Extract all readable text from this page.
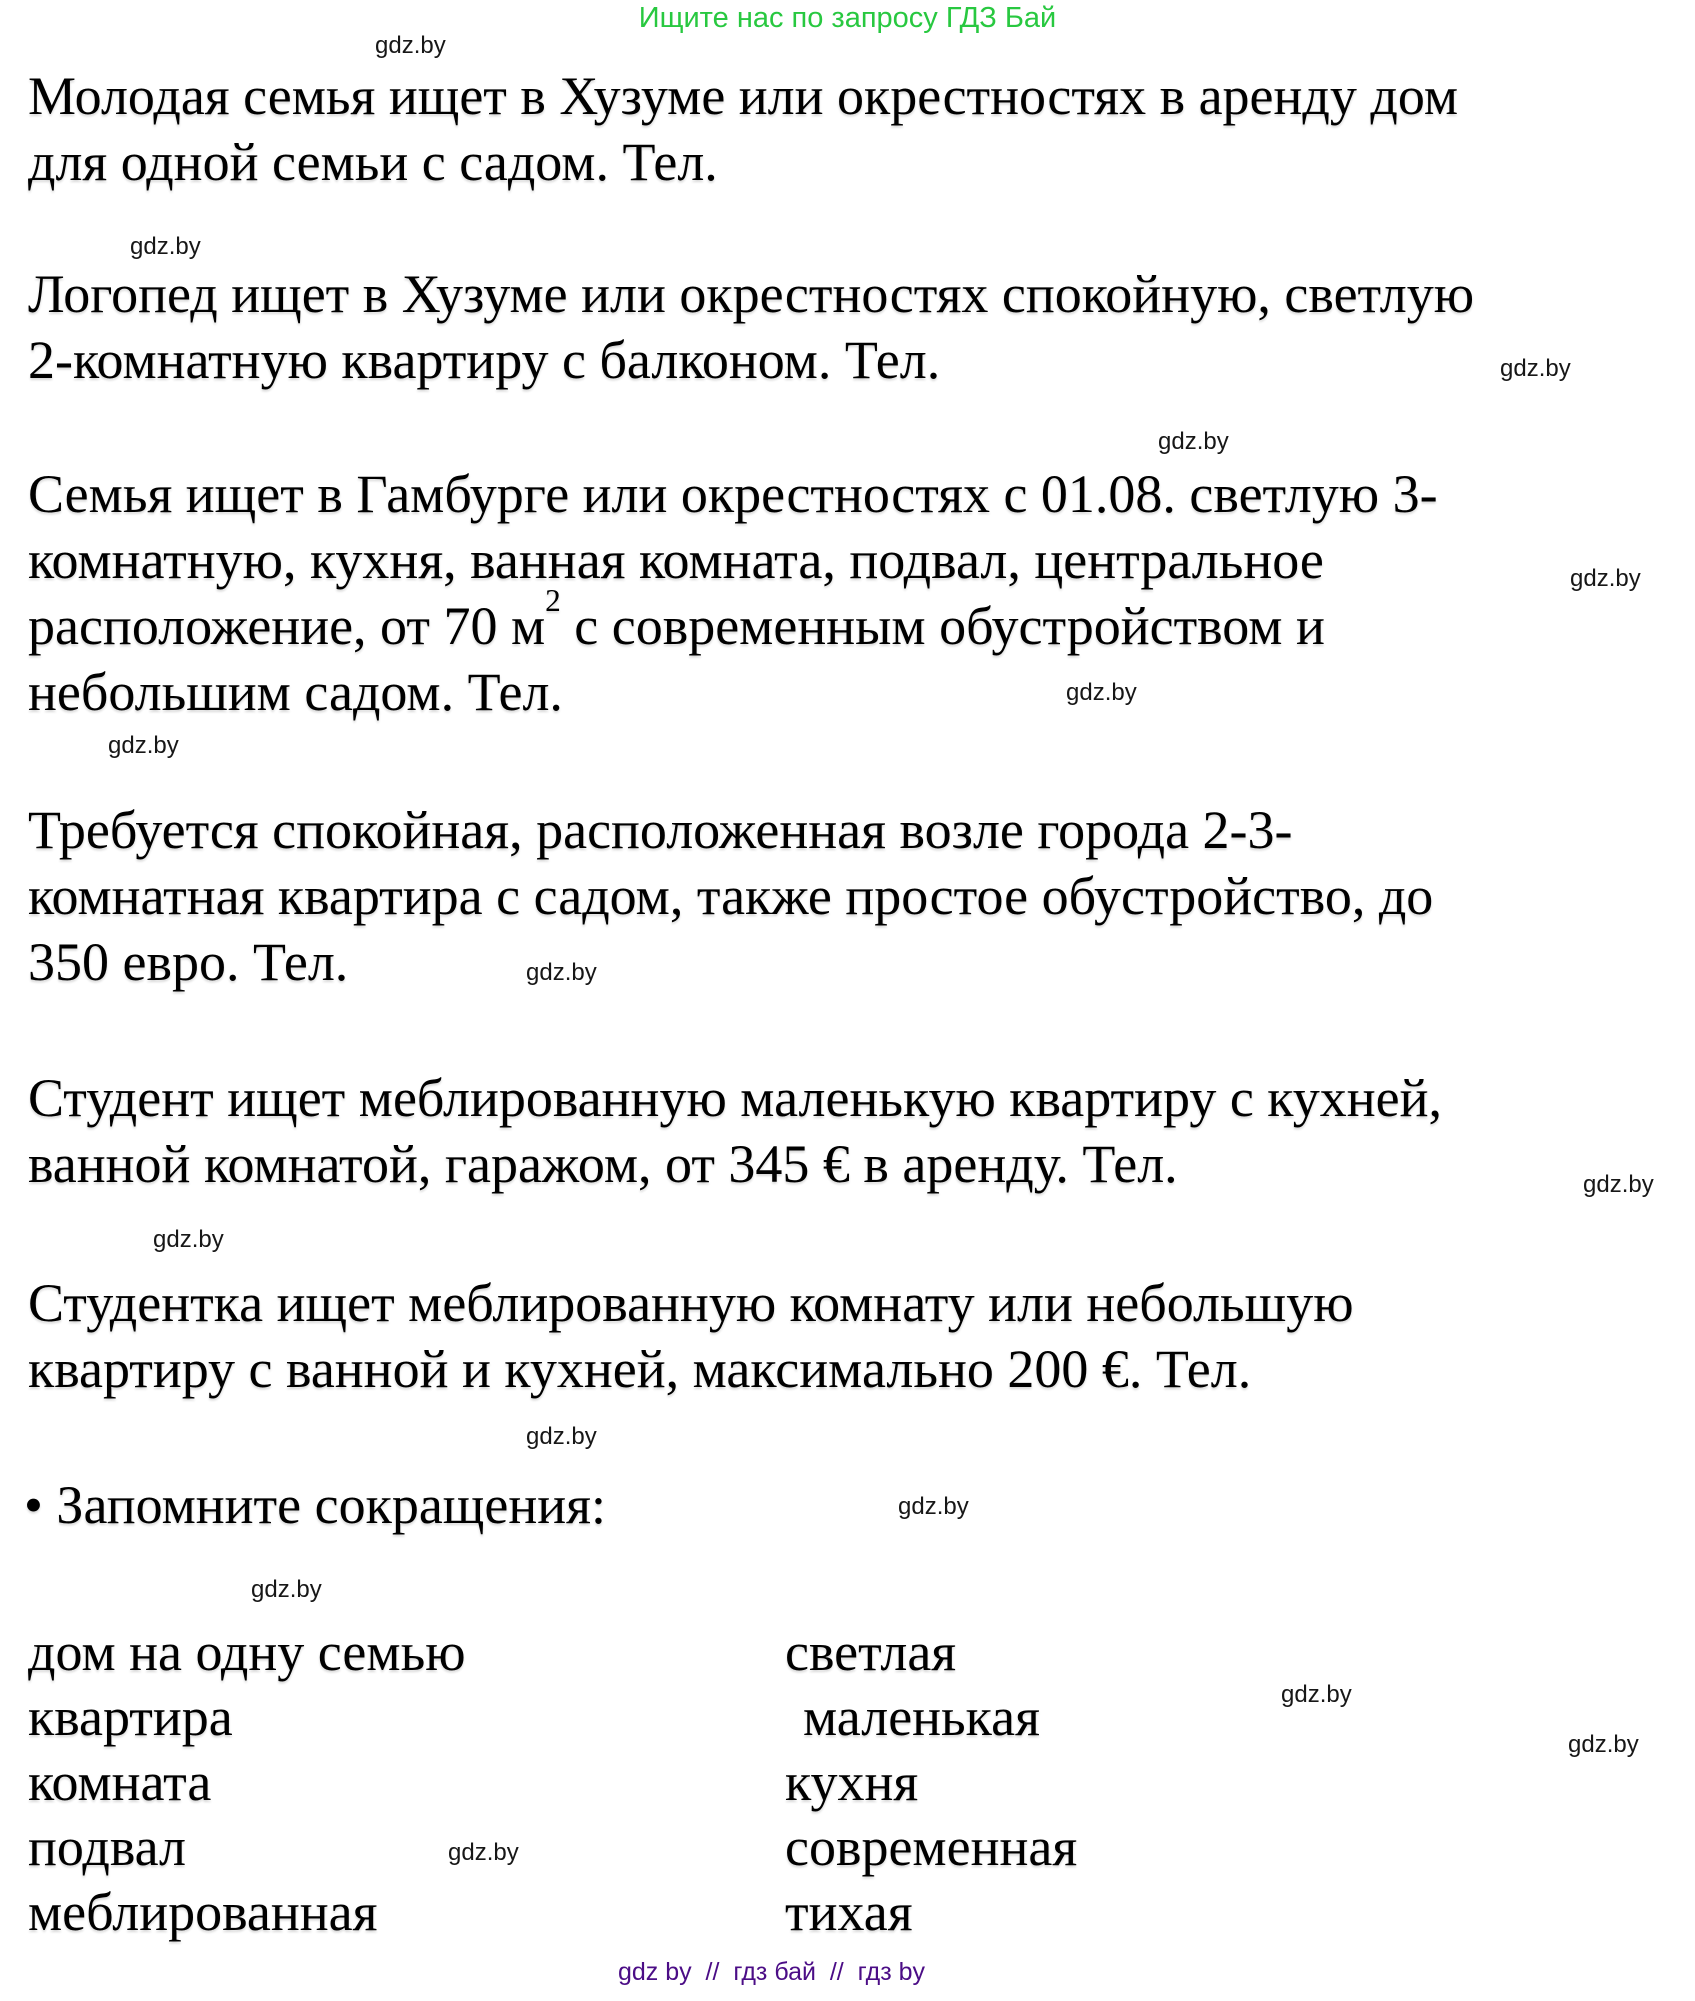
Ищите нас по запросу ГДЗ Бай
gdz.by
gdz.by
gdz.by
gdz.by
gdz.by
gdz.by
gdz.by
gdz.by
gdz.by
gdz.by
gdz.by
gdz.by
gdz.by
gdz.by
gdz.by
gdz.by
Молодая семья ищет в Хузуме или окрестностях в аренду дом
для одной семьи с садом. Тел.
Логопед ищет в Хузуме или окрестностях спокойную, светлую
2-комнатную квартиру с балконом. Тел.
Семья ищет в Гамбурге или окрестностях с 01.08. светлую 3-
комнатную, кухня, ванная комната, подвал, центральное
расположение, от 70 $м^2$ с современным обустройством и
небольшим садом. Тел.
Требуется спокойная, расположенная возле города 2-3-
комнатная квартира с садом, также простое обустройство, до
350 евро. Тел.
Студент ищет меблированную маленькую квартиру с кухней,
ванной комнатой, гаражом, от 345 € в аренду. Тел.
Студентка ищет меблированную комнату или небольшую
квартиру с ванной и кухней, максимально 200 €. Тел.
• Запомните сокращения:
дом на одну семью	светлая
квартира	маленькая
комната	кухня
подвал	современная
меблированная	тихая
gdz by  //  гдз бай  //  гдз by
